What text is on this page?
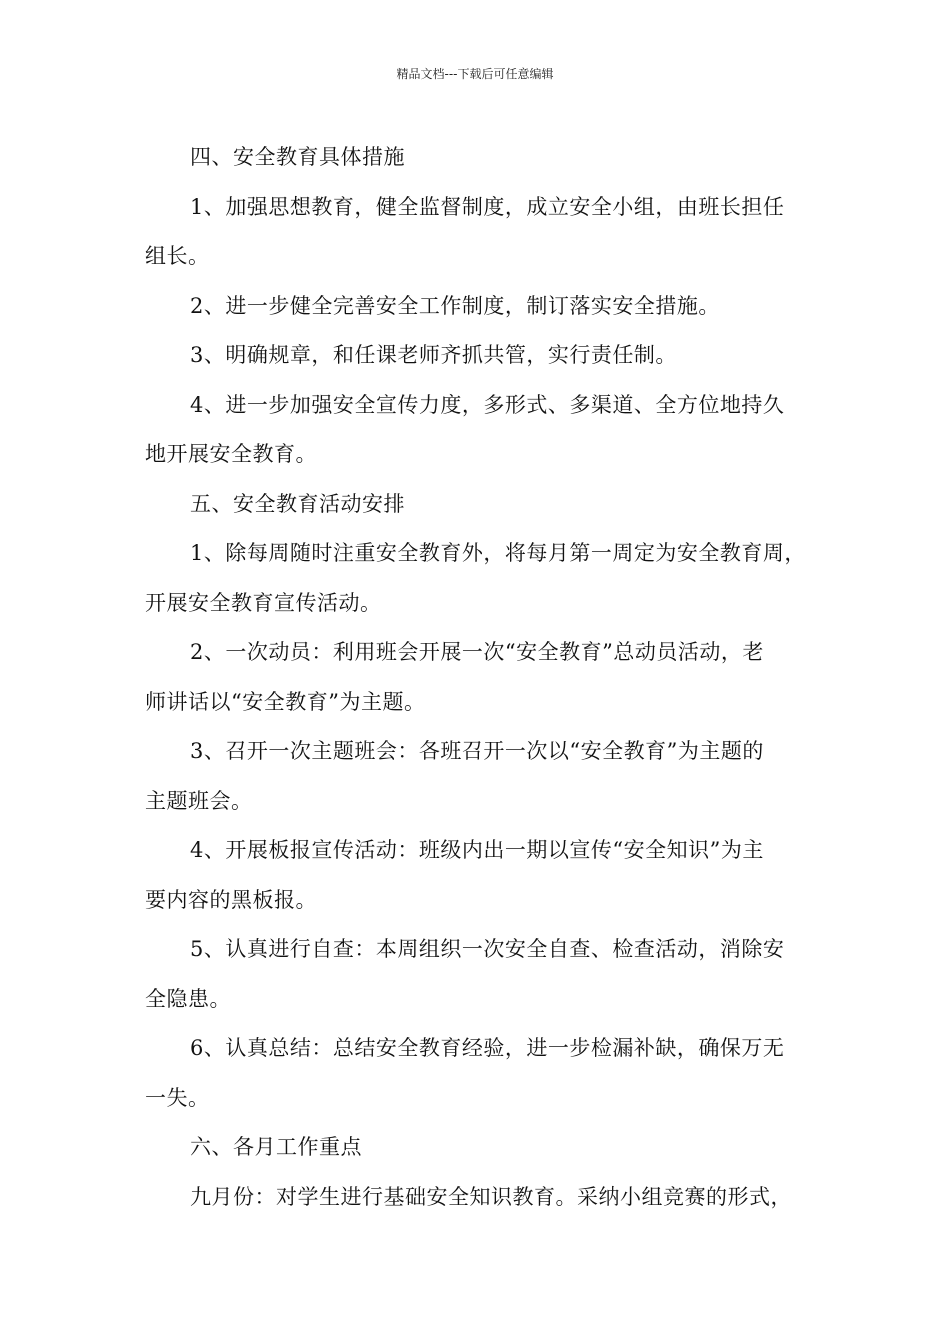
精品文档---下载后可任意编辑

四、安全教育具体措施

1、加强思想教育，健全监督制度，成立安全小组，由班长担任
组长。

2、进一步健全完善安全工作制度，制订落实安全措施。

3、明确规章，和任课老师齐抓共管，实行责任制。

4、进一步加强安全宣传力度，多形式、多渠道、全方位地持久
地开展安全教育。

五、安全教育活动安排

1、除每周随时注重安全教育外，将每月第一周定为安全教育周，
开展安全教育宣传活动。

2、一次动员：利用班会开展一次“安全教育”总动员活动，老
师讲话以“安全教育”为主题。

3、召开一次主题班会：各班召开一次以“安全教育”为主题的
主题班会。

4、开展板报宣传活动：班级内出一期以宣传“安全知识”为主
要内容的黑板报。

5、认真进行自查：本周组织一次安全自查、检查活动，消除安
全隐患。

6、认真总结：总结安全教育经验，进一步检漏补缺，确保万无
一失。

六、各月工作重点

九月份：对学生进行基础安全知识教育。采纳小组竞赛的形式，
